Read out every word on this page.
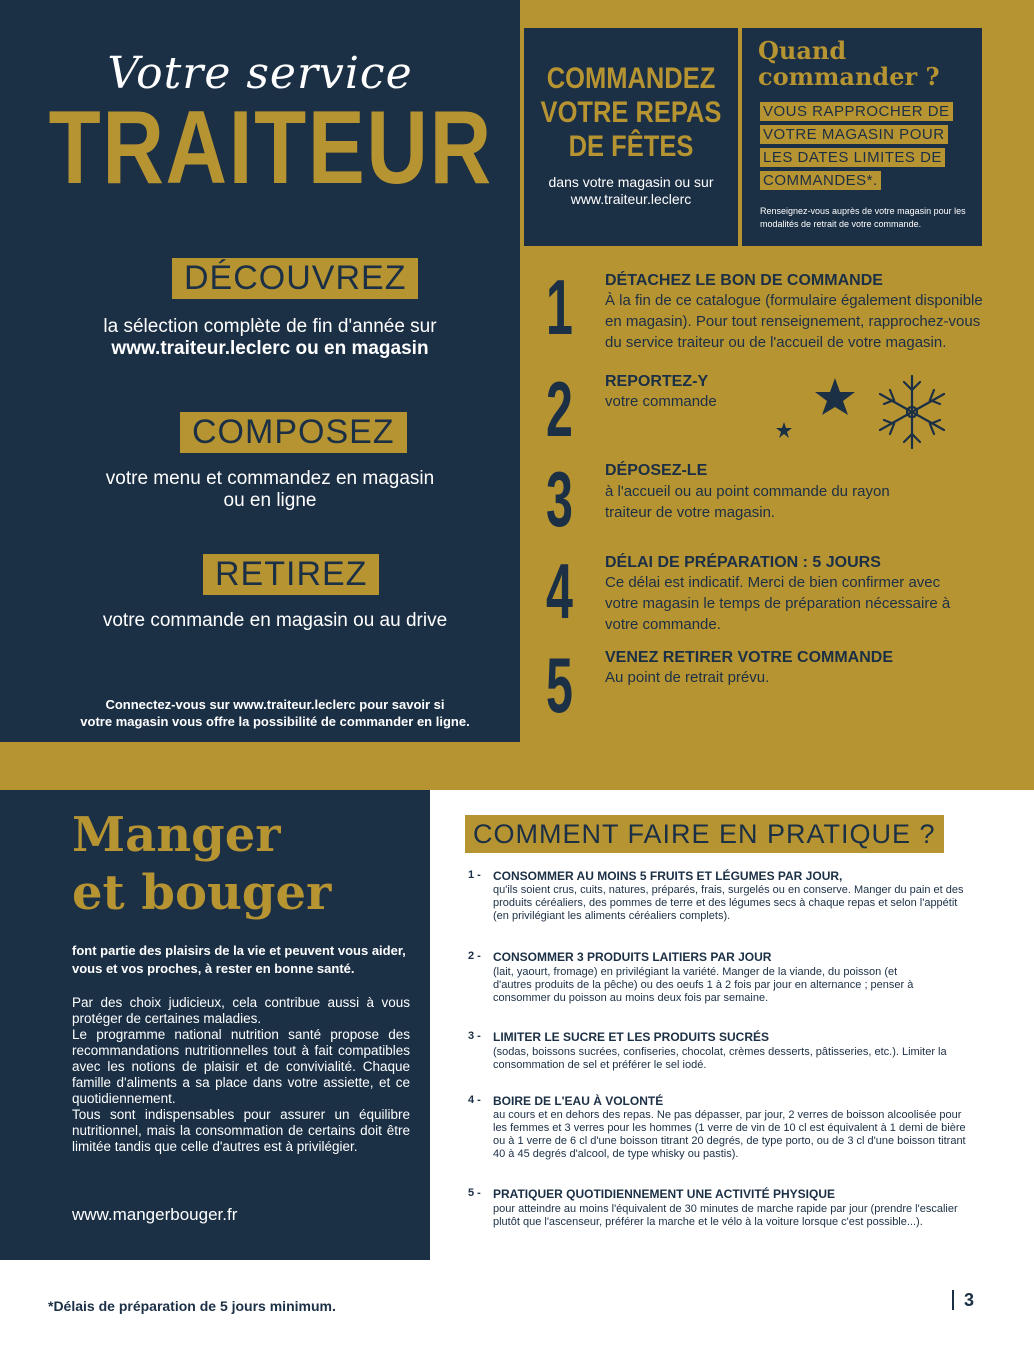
Votre service
TRAITEUR
DÉCOUVREZ
la sélection complète de fin d'année sur
www.traiteur.leclerc ou en magasin
COMPOSEZ
votre menu et commandez en magasin
ou en ligne
RETIREZ
votre commande en magasin ou au drive
Connectez-vous sur www.traiteur.leclerc pour savoir si
votre magasin vous offre la possibilité de commander en ligne.
COMMANDEZ
VOTRE REPAS
DE FÊTES
dans votre magasin ou sur
www.traiteur.leclerc
Quand
commander ?
VOUS RAPPROCHER DE
VOTRE MAGASIN POUR
LES DATES LIMITES DE
COMMANDES*.
Renseignez-vous auprès de votre magasin pour les modalités de retrait de votre commande.
1 DÉTACHEZ LE BON DE COMMANDE
À la fin de ce catalogue (formulaire également disponible en magasin). Pour tout renseignement, rapprochez-vous du service traiteur ou de l'accueil de votre magasin.
2 REPORTEZ-Y
votre commande
3 DÉPOSEZ-LE
à l'accueil ou au point commande du rayon traiteur de votre magasin.
4 DÉLAI DE PRÉPARATION : 5 JOURS
Ce délai est indicatif. Merci de bien confirmer avec votre magasin le temps de préparation nécessaire à votre commande.
5 VENEZ RETIRER VOTRE COMMANDE
Au point de retrait prévu.
Manger
et bouger
font partie des plaisirs de la vie et peuvent vous aider, vous et vos proches, à rester en bonne santé.

Par des choix judicieux, cela contribue aussi à vous protéger de certaines maladies.

Le programme national nutrition santé propose des recommandations nutritionnelles tout à fait compatibles avec les notions de plaisir et de convivialité. Chaque famille d'aliments a sa place dans votre assiette, et ce quotidiennement.

Tous sont indispensables pour assurer un équilibre nutritionnel, mais la consommation de certains doit être limitée tandis que celle d'autres est à privilégier.

www.mangerbouger.fr
COMMENT FAIRE EN PRATIQUE ?
1 - CONSOMMER AU MOINS 5 FRUITS ET LÉGUMES PAR JOUR,
qu'ils soient crus, cuits, natures, préparés, frais, surgelés ou en conserve. Manger du pain et des produits céréaliers, des pommes de terre et des légumes secs à chaque repas et selon l'appétit (en privilégiant les aliments céréaliers complets).
2 - CONSOMMER 3 PRODUITS LAITIERS PAR JOUR
(lait, yaourt, fromage) en privilégiant la variété. Manger de la viande, du poisson (et d'autres produits de la pêche) ou des oeufs 1 à 2 fois par jour en alternance ; penser à consommer du poisson au moins deux fois par semaine.
3 - LIMITER LE SUCRE ET LES PRODUITS SUCRÉS
(sodas, boissons sucrées, confiseries, chocolat, crèmes desserts, pâtisseries, etc.). Limiter la consommation de sel et préférer le sel iodé.
4 - BOIRE DE L'EAU À VOLONTÉ
au cours et en dehors des repas. Ne pas dépasser, par jour, 2 verres de boisson alcoolisée pour les femmes et 3 verres pour les hommes (1 verre de vin de 10 cl est équivalent à 1 demi de bière ou à 1 verre de 6 cl d'une boisson titrant 20 degrés, de type porto, ou de 3 cl d'une boisson titrant 40 à 45 degrés d'alcool, de type whisky ou pastis).
5 - PRATIQUER QUOTIDIENNEMENT UNE ACTIVITÉ PHYSIQUE
pour atteindre au moins l'équivalent de 30 minutes de marche rapide par jour (prendre l'escalier plutôt que l'ascenseur, préférer la marche et le vélo à la voiture lorsque c'est possible...).
*Délais de préparation de 5 jours minimum.	3
